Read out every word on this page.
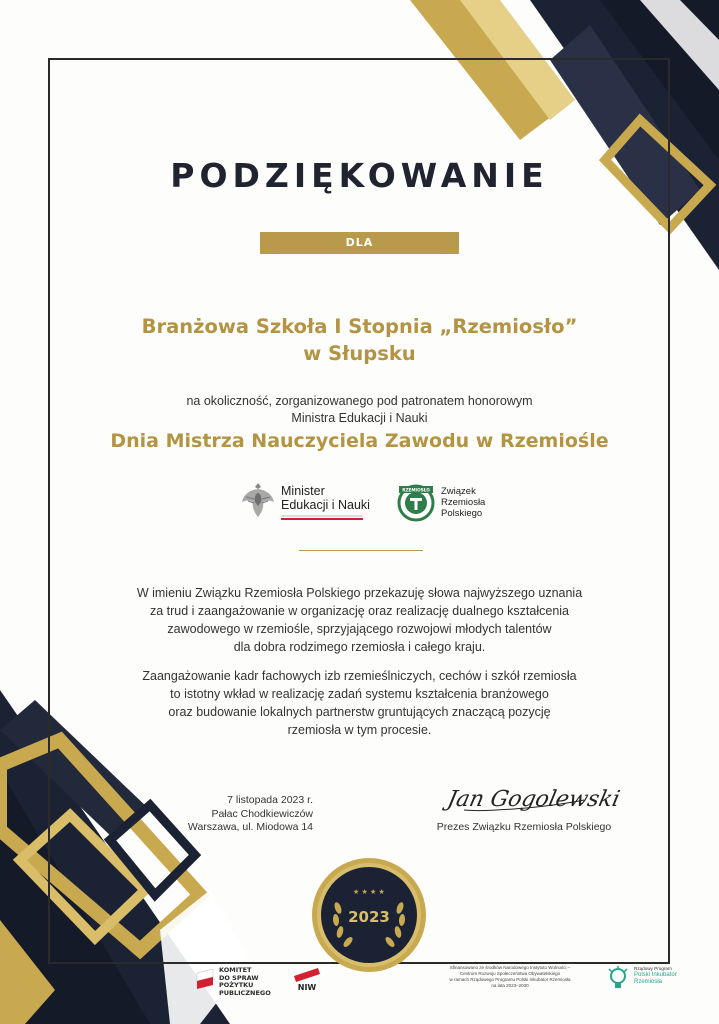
PODZIĘKOWANIE
DLA
Branżowa Szkoła I Stopnia „Rzemiosło”
w Słupsku
na okoliczność, zorganizowanego pod patronatem honorowym
Ministra Edukacji i Nauki
Dnia Mistrza Nauczyciela Zawodu w Rzemiośle
Minister
Edukacji i Nauki
RZEMIOSŁO Związek
Rzemiosła
Polskiego
W imieniu Związku Rzemiosła Polskiego przekazuję słowa najwyższego uznania
za trud i zaangażowanie w organizację oraz realizację dualnego kształcenia
zawodowego w rzemiośle, sprzyjającego rozwojowi młodych talentów
dla dobra rodzimego rzemiosła i całego kraju.
Zaangażowanie kadr fachowych izb rzemieślniczych, cechów i szkół rzemiosła
to istotny wkład w realizację zadań systemu kształcenia branżowego
oraz budowanie lokalnych partnerstw gruntujących znaczącą pozycję
rzemiosła w tym procesie.
7 listopada 2023 r.
Pałac Chodkiewiczów
Warszawa, ul. Miodowa 14
Jan Gogolewski
Prezes Związku Rzemiosła Polskiego
★ ★ ★ ★
2023
KOMITET
DO SPRAW
POŻYTKU
PUBLICZNEGO
NIW
Sfinansowano ze środków Narodowego Instytutu Wolności –
Centrum Rozwoju Społeczeństwa Obywatelskiego
w ramach Rządowego Programu Polski Inkubator Rzemiosła
na lata 2023–2030
Rządowy Program
Polski Inkubator
Rzemiosła
